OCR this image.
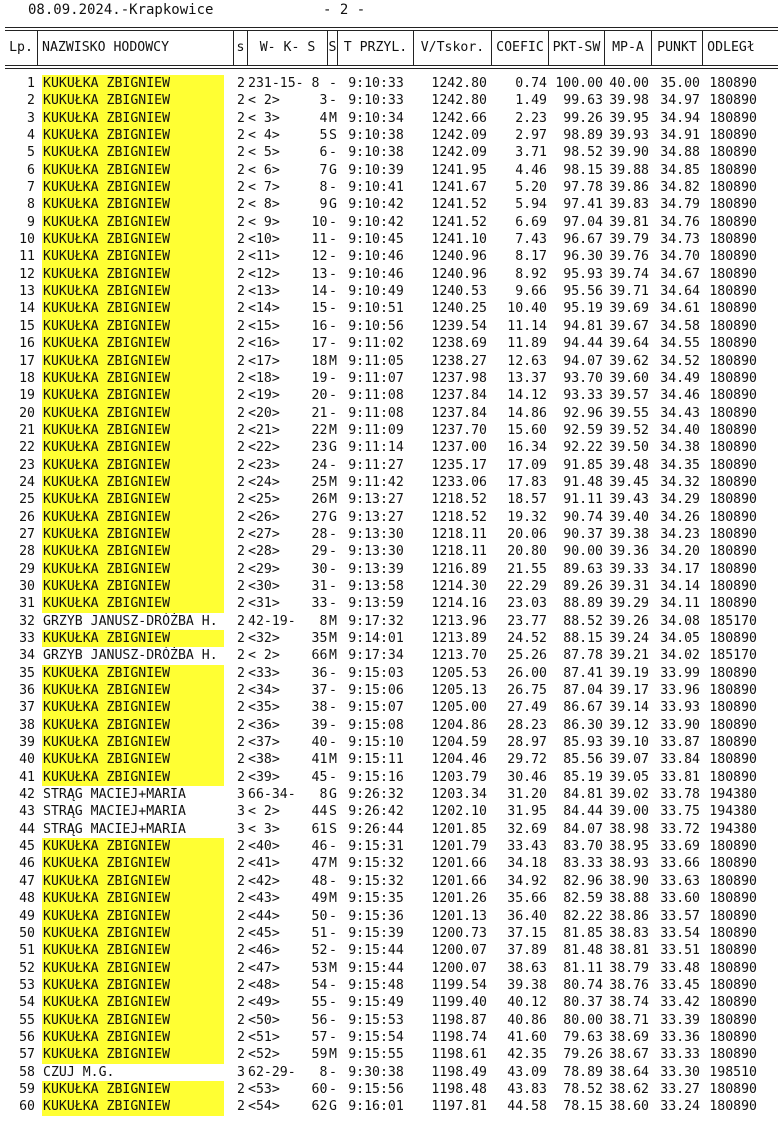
08.09.2024.-Krapkowice	- 2 -
Lp. NAZWISKO HODOWCY	s	W- K- S	S T PRZYL.	V/Tskor. COEFIC PKT-SW MP-A	PUNKT ODLEGł
1 KUKUŁKA ZBIGNIEW	2 231-15- 8 - 9:10:33	1242.80	0.74 100.00 40.00 35.00 180890
2 KUKUŁKA ZBIGNIEW	2 < 2>     3 - 9:10:33	1242.80	1.49	99.63 39.98 34.97 180890
3 KUKUŁKA ZBIGNIEW	2 < 3>     4 M 9:10:34	1242.66	2.23	99.26 39.95 34.94 180890
4 KUKUŁKA ZBIGNIEW	2 < 4>     5 S 9:10:38	1242.09	2.97	98.89 39.93 34.91 180890
5 KUKUŁKA ZBIGNIEW	2 < 5>     6 - 9:10:38	1242.09	3.71	98.52 39.90 34.88 180890
6 KUKUŁKA ZBIGNIEW	2 < 6>     7 G 9:10:39	1241.95	4.46	98.15 39.88 34.85 180890
7 KUKUŁKA ZBIGNIEW	2 < 7>     8 - 9:10:41	1241.67	5.20	97.78 39.86 34.82 180890
8 KUKUŁKA ZBIGNIEW	2 < 8>     9 G 9:10:42	1241.52	5.94	97.41 39.83 34.79 180890
9 KUKUŁKA ZBIGNIEW	2 < 9>    10 - 9:10:42	1241.52	6.69	97.04 39.81 34.76 180890
10 KUKUŁKA ZBIGNIEW	2 <10>    11 - 9:10:45	1241.10	7.43	96.67 39.79 34.73 180890
11 KUKUŁKA ZBIGNIEW	2 <11>    12 - 9:10:46	1240.96	8.17	96.30 39.76 34.70 180890
12 KUKUŁKA ZBIGNIEW	2 <12>    13 - 9:10:46	1240.96	8.92	95.93 39.74 34.67 180890
13 KUKUŁKA ZBIGNIEW	2 <13>    14 - 9:10:49	1240.53	9.66	95.56 39.71 34.64 180890
14 KUKUŁKA ZBIGNIEW	2 <14>    15 - 9:10:51	1240.25	10.40	95.19 39.69 34.61 180890
15 KUKUŁKA ZBIGNIEW	2 <15>    16 - 9:10:56	1239.54	11.14	94.81 39.67 34.58 180890
16 KUKUŁKA ZBIGNIEW	2 <16>    17 - 9:11:02	1238.69	11.89	94.44 39.64 34.55 180890
17 KUKUŁKA ZBIGNIEW	2 <17>    18 M 9:11:05	1238.27	12.63	94.07 39.62 34.52 180890
18 KUKUŁKA ZBIGNIEW	2 <18>    19 - 9:11:07	1237.98	13.37	93.70 39.60 34.49 180890
19 KUKUŁKA ZBIGNIEW	2 <19>    20 - 9:11:08	1237.84	14.12	93.33 39.57 34.46 180890
20 KUKUŁKA ZBIGNIEW	2 <20>    21 - 9:11:08	1237.84	14.86	92.96 39.55 34.43 180890
21 KUKUŁKA ZBIGNIEW	2 <21>    22 M 9:11:09	1237.70	15.60	92.59 39.52 34.40 180890
22 KUKUŁKA ZBIGNIEW	2 <22>    23 G 9:11:14	1237.00	16.34	92.22 39.50 34.38 180890
23 KUKUŁKA ZBIGNIEW	2 <23>    24 - 9:11:27	1235.17	17.09	91.85 39.48 34.35 180890
24 KUKUŁKA ZBIGNIEW	2 <24>    25 M 9:11:42	1233.06	17.83	91.48 39.45 34.32 180890
25 KUKUŁKA ZBIGNIEW	2 <25>    26 M 9:13:27	1218.52	18.57	91.11 39.43 34.29 180890
26 KUKUŁKA ZBIGNIEW	2 <26>    27 G 9:13:27	1218.52	19.32	90.74 39.40 34.26 180890
27 KUKUŁKA ZBIGNIEW	2 <27>    28 - 9:13:30	1218.11	20.06	90.37 39.38 34.23 180890
28 KUKUŁKA ZBIGNIEW	2 <28>    29 - 9:13:30	1218.11	20.80	90.00 39.36 34.20 180890
29 KUKUŁKA ZBIGNIEW	2 <29>    30 - 9:13:39	1216.89	21.55	89.63 39.33 34.17 180890
30 KUKUŁKA ZBIGNIEW	2 <30>    31 - 9:13:58	1214.30	22.29	89.26 39.31 34.14 180890
31 KUKUŁKA ZBIGNIEW	2 <31>    33 - 9:13:59	1214.16	23.03	88.89 39.29 34.11 180890
32 GRZYB JANUSZ-DRÓŻBA H.	2 42-19-   8 M 9:17:32	1213.96	23.77	88.52 39.26 34.08 185170
33 KUKUŁKA ZBIGNIEW	2 <32>    35 M 9:14:01	1213.89	24.52	88.15 39.24 34.05 180890
34 GRZYB JANUSZ-DRÓŻBA H.	2 < 2>    66 M 9:17:34	1213.70	25.26	87.78 39.21 34.02 185170
35 KUKUŁKA ZBIGNIEW	2 <33>    36 - 9:15:03	1205.53	26.00	87.41 39.19 33.99 180890
36 KUKUŁKA ZBIGNIEW	2 <34>    37 - 9:15:06	1205.13	26.75	87.04 39.17 33.96 180890
37 KUKUŁKA ZBIGNIEW	2 <35>    38 - 9:15:07	1205.00	27.49	86.67 39.14 33.93 180890
38 KUKUŁKA ZBIGNIEW	2 <36>    39 - 9:15:08	1204.86	28.23	86.30 39.12 33.90 180890
39 KUKUŁKA ZBIGNIEW	2 <37>    40 - 9:15:10	1204.59	28.97	85.93 39.10 33.87 180890
40 KUKUŁKA ZBIGNIEW	2 <38>    41 M 9:15:11	1204.46	29.72	85.56 39.07 33.84 180890
41 KUKUŁKA ZBIGNIEW	2 <39>    45 - 9:15:16	1203.79	30.46	85.19 39.05 33.81 180890
42 STRĄG MACIEJ+MARIA	3 66-34-   8 G 9:26:32	1203.34	31.20	84.81 39.02 33.78 194380
43 STRĄG MACIEJ+MARIA	3 < 2>    44 S 9:26:42	1202.10	31.95	84.44 39.00 33.75 194380
44 STRĄG MACIEJ+MARIA	3 < 3>    61 S 9:26:44	1201.85	32.69	84.07 38.98 33.72 194380
45 KUKUŁKA ZBIGNIEW	2 <40>    46 - 9:15:31	1201.79	33.43	83.70 38.95 33.69 180890
46 KUKUŁKA ZBIGNIEW	2 <41>    47 M 9:15:32	1201.66	34.18	83.33 38.93 33.66 180890
47 KUKUŁKA ZBIGNIEW	2 <42>    48 - 9:15:32	1201.66	34.92	82.96 38.90 33.63 180890
48 KUKUŁKA ZBIGNIEW	2 <43>    49 M 9:15:35	1201.26	35.66	82.59 38.88 33.60 180890
49 KUKUŁKA ZBIGNIEW	2 <44>    50 - 9:15:36	1201.13	36.40	82.22 38.86 33.57 180890
50 KUKUŁKA ZBIGNIEW	2 <45>    51 - 9:15:39	1200.73	37.15	81.85 38.83 33.54 180890
51 KUKUŁKA ZBIGNIEW	2 <46>    52 - 9:15:44	1200.07	37.89	81.48 38.81 33.51 180890
52 KUKUŁKA ZBIGNIEW	2 <47>    53 M 9:15:44	1200.07	38.63	81.11 38.79 33.48 180890
53 KUKUŁKA ZBIGNIEW	2 <48>    54 - 9:15:48	1199.54	39.38	80.74 38.76 33.45 180890
54 KUKUŁKA ZBIGNIEW	2 <49>    55 - 9:15:49	1199.40	40.12	80.37 38.74 33.42 180890
55 KUKUŁKA ZBIGNIEW	2 <50>    56 - 9:15:53	1198.87	40.86	80.00 38.71 33.39 180890
56 KUKUŁKA ZBIGNIEW	2 <51>    57 - 9:15:54	1198.74	41.60	79.63 38.69 33.36 180890
57 KUKUŁKA ZBIGNIEW	2 <52>    59 M 9:15:55	1198.61	42.35	79.26 38.67 33.33 180890
58 CZUJ M.G.	3 62-29-   8 - 9:30:38	1198.49	43.09	78.89 38.64 33.30 198510
59 KUKUŁKA ZBIGNIEW	2 <53>    60 - 9:15:56	1198.48	43.83	78.52 38.62 33.27 180890
60 KUKUŁKA ZBIGNIEW	2 <54>    62 G 9:16:01	1197.81	44.58	78.15 38.60 33.24 180890
